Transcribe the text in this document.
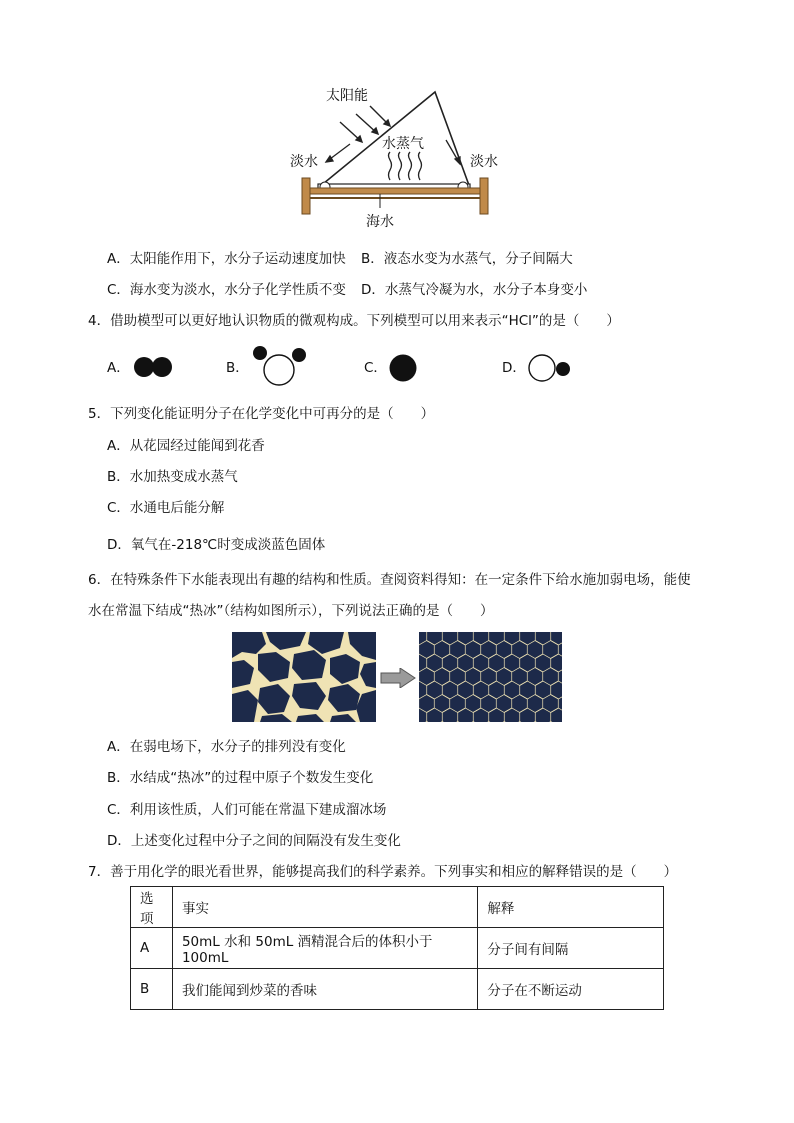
太阳能
水蒸气
淡水	淡水
海水
A．太阳能作用下，水分子运动速度加快 B．液态水变为水蒸气，分子间隔大
C．海水变为淡水，水分子化学性质不变 D．水蒸气冷凝为水，水分子本身变小
4．借助模型可以更好地认识物质的微观构成。下列模型可以用来表示“HCl”的是（　　）
A．	B．	C．	D．
5．下列变化能证明分子在化学变化中可再分的是（　　）
A．从花园经过能闻到花香
B．水加热变成水蒸气
C．水通电后能分解
D．氧气在-218℃时变成淡蓝色固体
6．在特殊条件下水能表现出有趣的结构和性质。查阅资料得知：在一定条件下给水施加弱电场，能使
水在常温下结成“热冰”（结构如图所示），下列说法正确的是（　　）
A．在弱电场下，水分子的排列没有变化
B．水结成“热冰”的过程中原子个数发生变化
C．利用该性质，人们可能在常温下建成溜冰场
D．上述变化过程中分子之间的间隔没有发生变化
7．善于用化学的眼光看世界，能够提高我们的科学素养。下列事实和相应的解释错误的是（　　）
选项	事实	解释
A	50mL 水和 50mL 酒精混合后的体积小于 100mL	分子间有间隔
B	我们能闻到炒菜的香味	分子在不断运动
